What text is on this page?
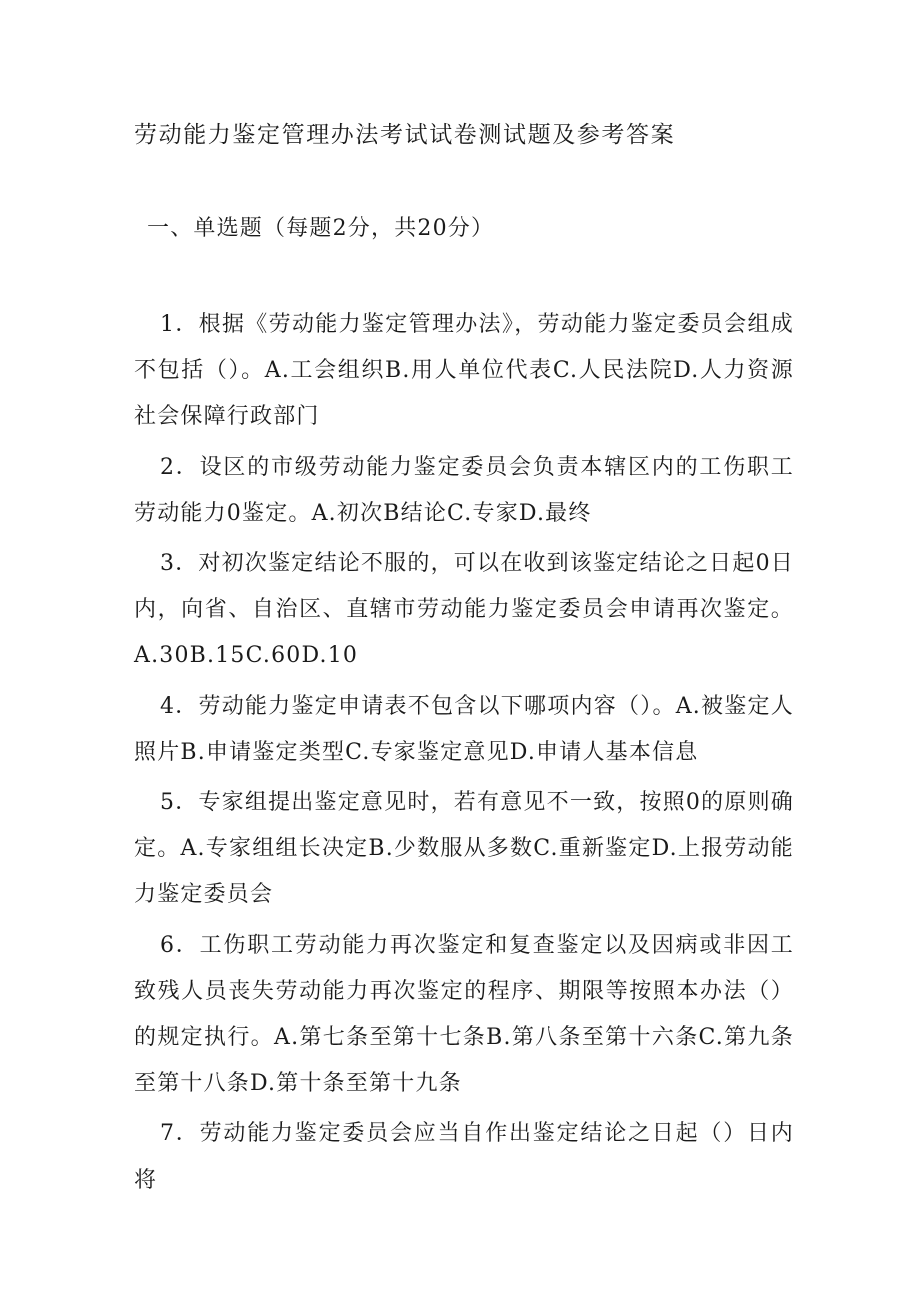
劳动能力鉴定管理办法考试试卷测试题及参考答案
一、单选题（每题2分，共20分）

1．根据《劳动能力鉴定管理办法》，劳动能力鉴定委员会组成不包括（）。A.工会组织B.用人单位代表C.人民法院D.人力资源社会保障行政部门

2．设区的市级劳动能力鉴定委员会负责本辖区内的工伤职工劳动能力0鉴定。A.初次B结论C.专家D.最终

3．对初次鉴定结论不服的，可以在收到该鉴定结论之日起0日内，向省、自治区、直辖市劳动能力鉴定委员会申请再次鉴定。A.30B.15C.60D.10

4．劳动能力鉴定申请表不包含以下哪项内容（）。A.被鉴定人照片B.申请鉴定类型C.专家鉴定意见D.申请人基本信息

5．专家组提出鉴定意见时，若有意见不一致，按照0的原则确定。A.专家组组长决定B.少数服从多数C.重新鉴定D.上报劳动能力鉴定委员会

6．工伤职工劳动能力再次鉴定和复查鉴定以及因病或非因工致残人员丧失劳动能力再次鉴定的程序、期限等按照本办法（）的规定执行。A.第七条至第十七条B.第八条至第十六条C.第九条至第十八条D.第十条至第十九条

7．劳动能力鉴定委员会应当自作出鉴定结论之日起（）日内将
